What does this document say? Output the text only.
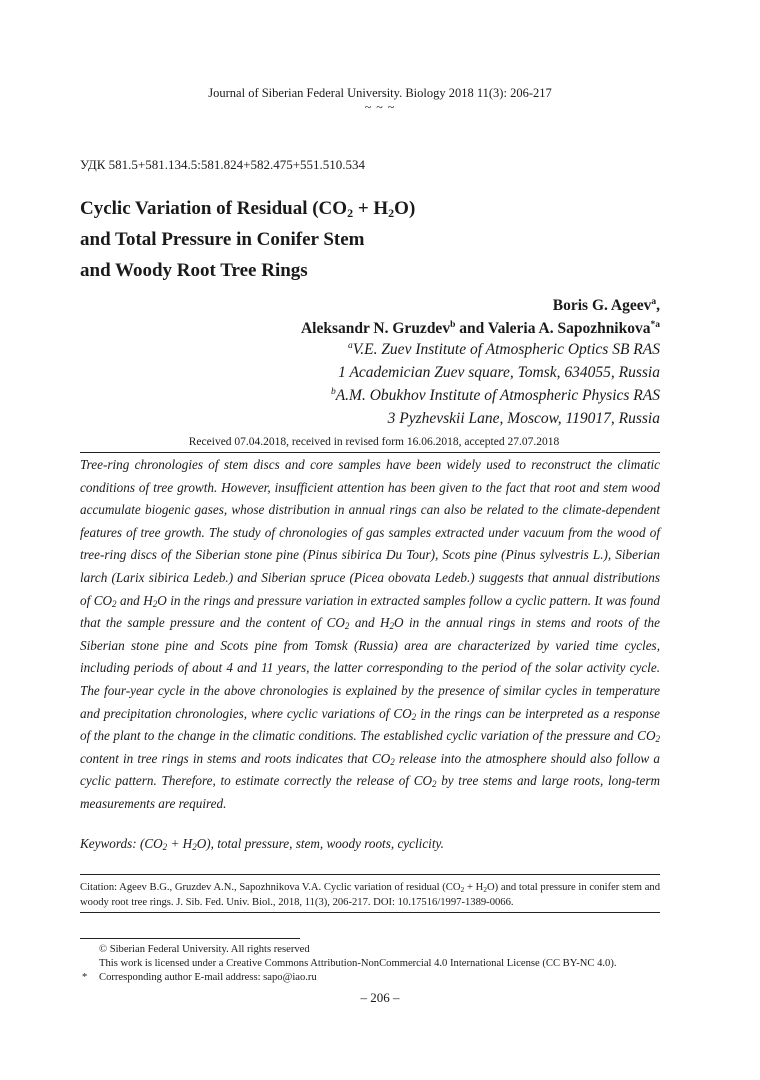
Journal of Siberian Federal University. Biology 2018 11(3): 206-217
~ ~ ~
УДК 581.5+581.134.5:581.824+582.475+551.510.534
Cyclic Variation of Residual $(CO_2 + H_2O)$
and Total Pressure in Conifer Stem
and Woody Root Tree Rings
Boris G. Ageev$^a$,
Aleksandr N. Gruzdev$^b$ and Valeria A. Sapozhnikova$^{*a}$
$^a$V.E. Zuev Institute of Atmospheric Optics SB RAS
1 Academician Zuev square, Tomsk, 634055, Russia
$^b$A.M. Obukhov Institute of Atmospheric Physics RAS
3 Pyzhevskii Lane, Moscow, 119017, Russia
Received 07.04.2018, received in revised form 16.06.2018, accepted 27.07.2018
Tree-ring chronologies of stem discs and core samples have been widely used to reconstruct the climatic conditions of tree growth. However, insufficient attention has been given to the fact that root and stem wood accumulate biogenic gases, whose distribution in annual rings can also be related to the climate-dependent features of tree growth. The study of chronologies of gas samples extracted under vacuum from the wood of tree-ring discs of the Siberian stone pine (Pinus sibirica Du Tour), Scots pine (Pinus sylvestris L.), Siberian larch (Larix sibirica Ledeb.) and Siberian spruce (Picea obovata Ledeb.) suggests that annual distributions of $CO_2$ and $H_2O$ in the rings and pressure variation in extracted samples follow a cyclic pattern. It was found that the sample pressure and the content of $CO_2$ and $H_2O$ in the annual rings in stems and roots of the Siberian stone pine and Scots pine from Tomsk (Russia) area are characterized by varied time cycles, including periods of about 4 and 11 years, the latter corresponding to the period of the solar activity cycle. The four-year cycle in the above chronologies is explained by the presence of similar cycles in temperature and precipitation chronologies, where cyclic variations of $CO_2$ in the rings can be interpreted as a response of the plant to the change in the climatic conditions. The established cyclic variation of the pressure and $CO_2$ content in tree rings in stems and roots indicates that $CO_2$ release into the atmosphere should also follow a cyclic pattern. Therefore, to estimate correctly the release of $CO_2$ by tree stems and large roots, long-term measurements are required.
Keywords: $(CO_2 + H_2O)$, total pressure, stem, woody roots, cyclicity.
Citation: Ageev B.G., Gruzdev A.N., Sapozhnikova V.A. Cyclic variation of residual $(CO_2 + H_2O)$ and total pressure in conifer stem and woody root tree rings. J. Sib. Fed. Univ. Biol., 2018, 11(3), 206-217. DOI: 10.17516/1997-1389-0066.
© Siberian Federal University. All rights reserved
This work is licensed under a Creative Commons Attribution-NonCommercial 4.0 International License (CC BY-NC 4.0).
* Corresponding author E-mail address: sapo@iao.ru
– 206 –
